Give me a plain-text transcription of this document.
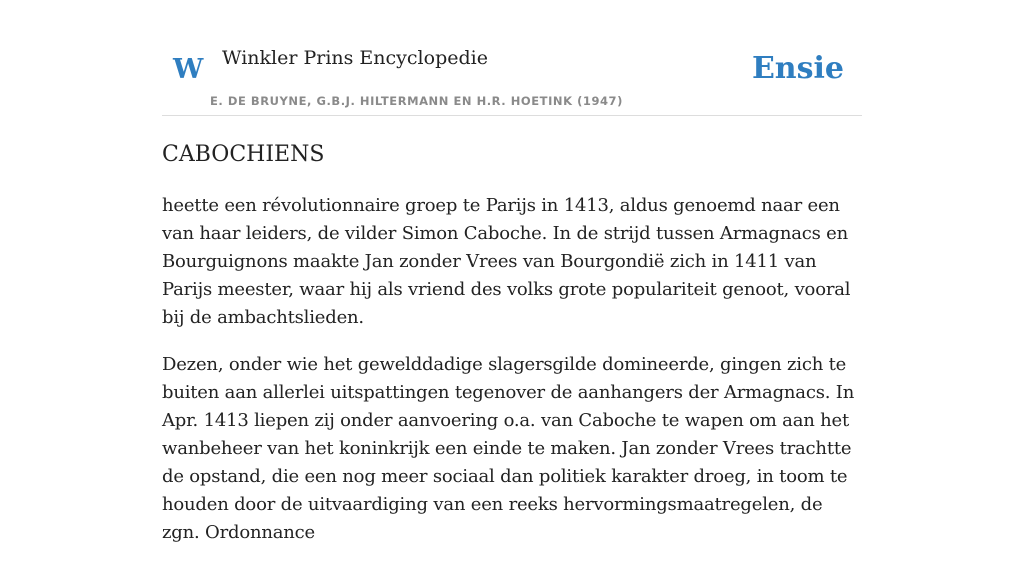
W Winkler Prins Encyclopedie
E. DE BRUYNE, G.B.J. HILTERMANN EN H.R. HOETINK (1947)
Ensie
CABOCHIENS

heette een révolutionnaire groep te Parijs in 1413, aldus genoemd naar een van haar leiders, de vilder Simon Caboche. In de strijd tussen Armagnacs en Bourguignons maakte Jan zonder Vrees van Bourgondië zich in 1411 van Parijs meester, waar hij als vriend des volks grote populariteit genoot, vooral bij de ambachtslieden.

Dezen, onder wie het gewelddadige slagersgilde domineerde, gingen zich te buiten aan allerlei uitspattingen tegenover de aanhangers der Armagnacs. In Apr. 1413 liepen zij onder aanvoering o.a. van Caboche te wapen om aan het wanbeheer van het koninkrijk een einde te maken. Jan zonder Vrees trachtte de opstand, die een nog meer sociaal dan politiek karakter droeg, in toom te houden door de uitvaardiging van een reeks hervormingsmaatregelen, de zgn. Ordonnance
